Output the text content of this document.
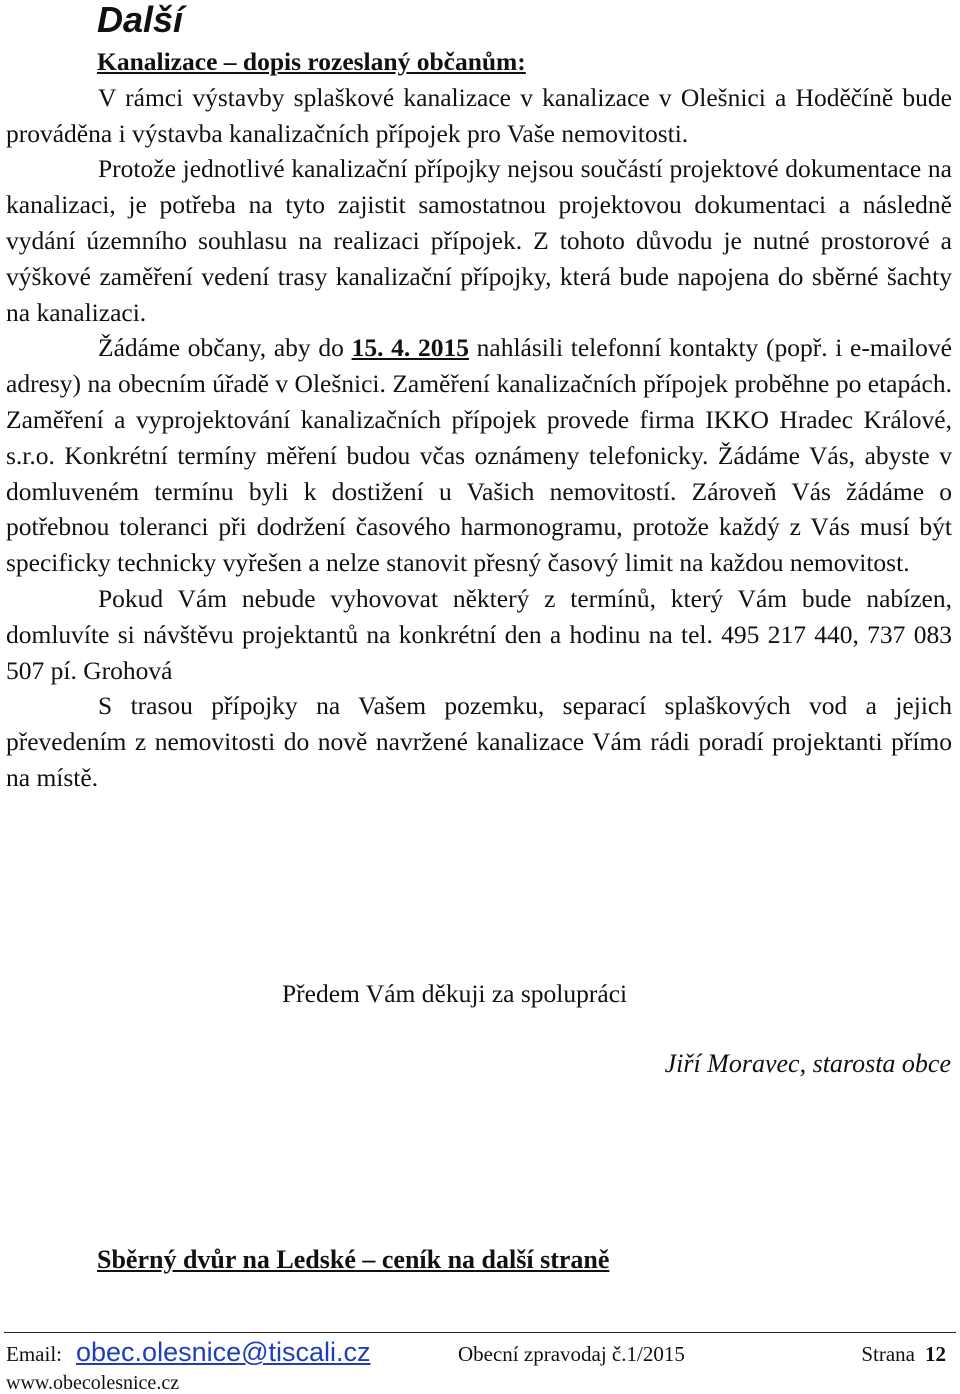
Další
Kanalizace – dopis rozeslaný občanům:
V rámci výstavby splaškové kanalizace v kanalizace v Olešnici a Hoděčíně bude prováděna i výstavba kanalizačních přípojek pro Vaše nemovitosti.
Protože jednotlivé kanalizační přípojky nejsou součástí projektové dokumentace na kanalizaci, je potřeba na tyto zajistit samostatnou projektovou dokumentaci a následně vydání územního souhlasu na realizaci přípojek. Z tohoto důvodu je nutné prostorové a výškové zaměření vedení trasy kanalizační přípojky, která bude napojena do sběrné šachty na kanalizaci.
Žádáme občany, aby do 15. 4. 2015 nahlásili telefonní kontakty (popř. i e-mailové adresy) na obecním úřadě v Olešnici. Zaměření kanalizačních přípojek proběhne po etapách. Zaměření a vyprojektování kanalizačních přípojek provede firma IKKO Hradec Králové, s.r.o. Konkrétní termíny měření budou včas oznámeny telefonicky. Žádáme Vás, abyste v domluveném termínu byli k dostižení u Vašich nemovitostí. Zároveň Vás žádáme o potřebnou toleranci při dodržení časového harmonogramu, protože každý z Vás musí být specificky technicky vyřešen a nelze stanovit přesný časový limit na každou nemovitost.
Pokud Vám nebude vyhovovat některý z termínů, který Vám bude nabízen, domluvíte si návštěvu projektantů na konkrétní den a hodinu na tel. 495 217 440, 737 083 507 pí. Grohová
S trasou přípojky na Vašem pozemku, separací splaškových vod a jejich převedením z nemovitosti do nově navržené kanalizace Vám rádi poradí projektanti přímo na místě.
Předem Vám děkuji za spolupráci
Jiří Moravec, starosta obce
Sběrný dvůr na Ledské – ceník na další straně
Email: obec.olesnice@tiscali.cz	Obecní zpravodaj č.1/2015	Strana 12
www.obecolesnice.cz
